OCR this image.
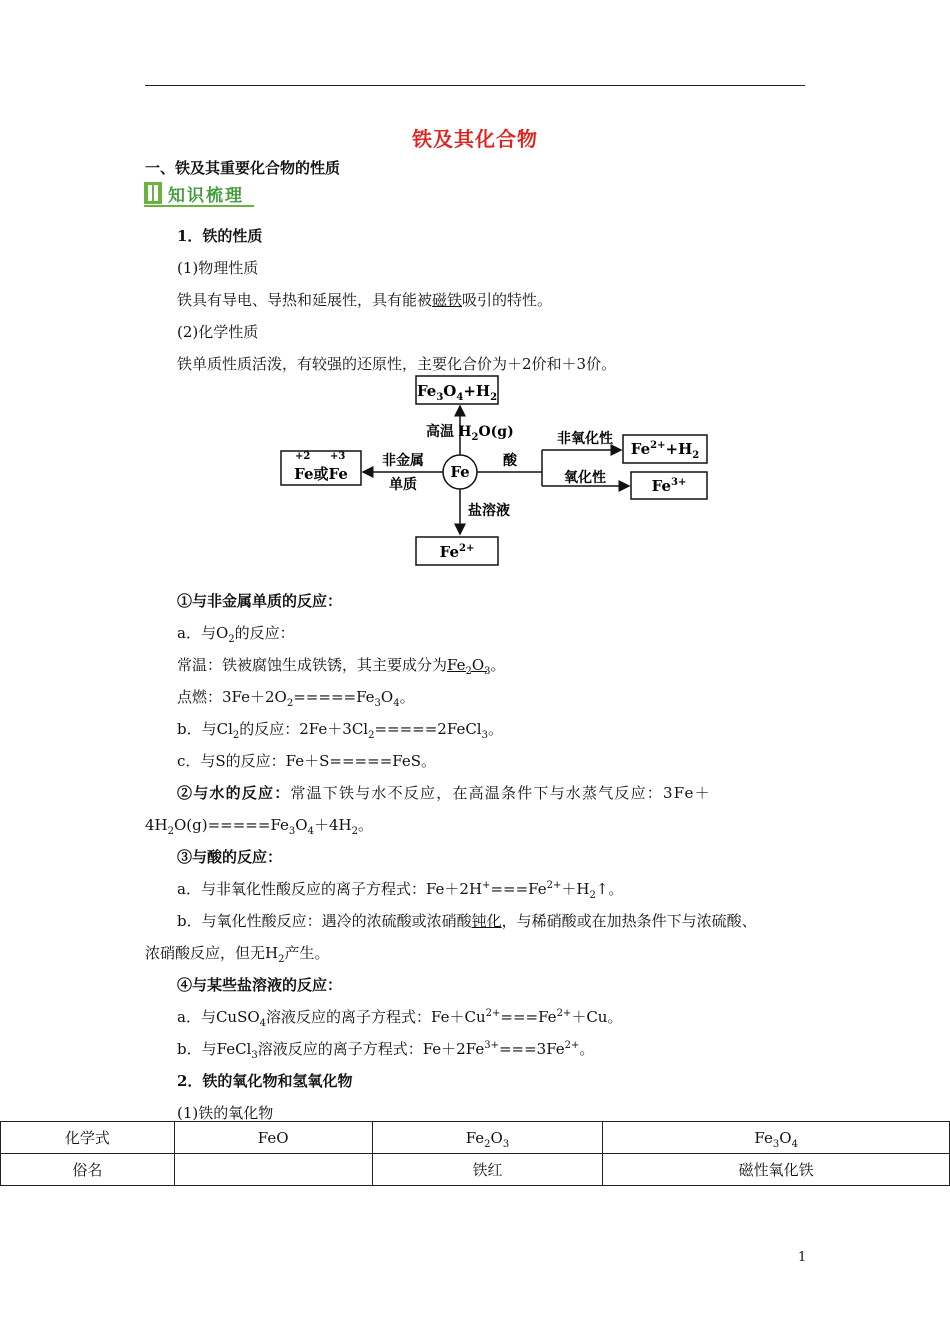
铁及其化合物
一、铁及其重要化合物的性质
知识梳理
1．铁的性质
(1)物理性质
铁具有导电、导热和延展性，具有能被磁铁吸引的特性。
(2)化学性质
铁单质性质活泼，有较强的还原性，主要化合价为＋2价和＋3价。
$Fe_3O_4+H_2$
Fe
高温 $H_2O(g)$
+2 +3
Fe或Fe
非金属
单质
酸
非氧化性
氧化性
$Fe^{2+}+H_2$
$Fe^{3+}$
盐溶液
$Fe^{2+}$
①与非金属单质的反应：
a．与$O_2$的反应：
常温：铁被腐蚀生成铁锈，其主要成分为$Fe_2O_3$。
点燃：$3Fe+2O_2=====Fe_3O_4$。
b．与$Cl_2$的反应：$2Fe+3Cl_2=====2FeCl_3$。
c．与S的反应：Fe＋S=====FeS。
②与水的反应：常温下铁与水不反应，在高温条件下与水蒸气反应：3Fe＋
$4H_2O(g)=====Fe_3O_4+4H_2$。
③与酸的反应：
a．与非氧化性酸反应的离子方程式：$Fe+2H^+===Fe^{2+}+H_2↑$。
b．与氧化性酸反应：遇冷的浓硫酸或浓硝酸钝化，与稀硝酸或在加热条件下与浓硫酸、
浓硝酸反应，但无$H_2$产生。
④与某些盐溶液的反应：
a．与CuSO$_4$溶液反应的离子方程式：$Fe+Cu^{2+}===Fe^{2+}+Cu$。
b．与FeCl$_3$溶液反应的离子方程式：$Fe+2Fe^{3+}===3Fe^{2+}$。
2．铁的氧化物和氢氧化物
(1)铁的氧化物
化学式	FeO	$Fe_2O_3$	$Fe_3O_4$
俗名		铁红	磁性氧化铁
1
